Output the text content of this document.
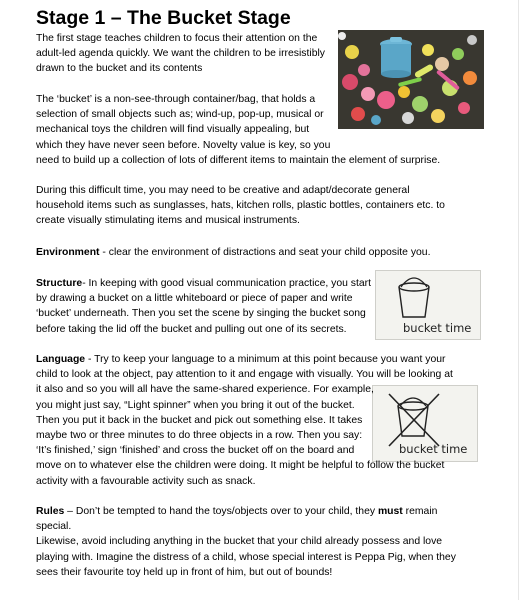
Stage 1 – The Bucket Stage
The first stage teaches children to focus their attention on the
adult-led agenda quickly. We want the children to be irresistibly
drawn to the bucket and its contents
The ‘bucket’ is a non-see-through container/bag, that holds a
selection of small objects such as; wind-up, pop-up, musical or
mechanical toys the children will find visually appealing, but
which they have never seen before. Novelty value is key, so you
need to build up a collection of lots of different items to maintain the element of surprise.
During this difficult time, you may need to be creative and adapt/decorate general
household items such as sunglasses, hats, kitchen rolls, plastic bottles, containers etc. to
create visually stimulating items and musical instruments.
Environment - clear the environment of distractions and seat your child opposite you.
bucket time
Structure- In keeping with good visual communication practice, you start
by drawing a bucket on a little whiteboard or piece of paper and write
‘bucket’ underneath. Then you set the scene by singing the bucket song
before taking the lid off the bucket and pulling out one of its secrets.
bucket time
Language - Try to keep your language to a minimum at this point because you want your
child to look at the object, pay attention to it and engage with visually. You will be looking at
it also and so you will all have the same-shared experience. For example,
you might just say, “Light spinner” when you bring it out of the bucket.
Then you put it back in the bucket and pick out something else. It takes
maybe two or three minutes to do three objects in a row. Then you say:
‘It’s finished,’ sign ‘finished’ and cross the bucket off on the board and
move on to whatever else the children were doing. It might be helpful to follow the bucket
activity with a favourable activity such as snack.
Rules – Don’t be tempted to hand the toys/objects over to your child, they must remain
special.
Likewise, avoid including anything in the bucket that your child already possess and love
playing with. Imagine the distress of a child, whose special interest is Peppa Pig, when they
sees their favourite toy held up in front of him, but out of bounds!
